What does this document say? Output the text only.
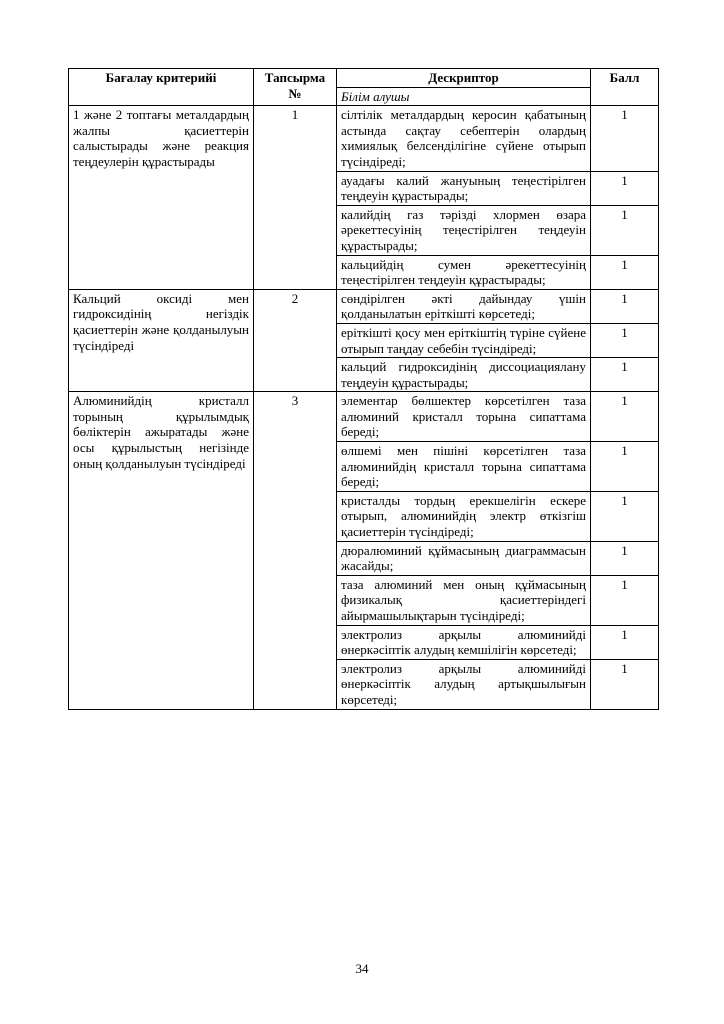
Бағалау критерийі	Тапсырма №	Дескриптор	Балл
		Білім алушы	
1 және 2 топтағы металдардың жалпы қасиеттерін салыстырады және реакция теңдеулерін құрастырады	1	сілтілік металдардың керосин қабатының астында сақтау себептерін олардың химиялық белсенділігіне сүйене отырып түсіндіреді;	1
		ауадағы калий жануының теңестірілген теңдеуін құрастырады;	1
		калийдің газ тәрізді хлормен өзара әрекеттесуінің теңестірілген теңдеуін құрастырады;	1
		кальцийдің сумен әрекеттесуінің теңестірілген теңдеуін құрастырады;	1
Кальций оксиді мен гидроксидінің негіздік қасиеттерін және қолданылуын түсіндіреді	2	сөндірілген әкті дайындау үшін қолданылатын еріткішті көрсетеді;	1
		еріткішті қосу мен еріткіштің түріне сүйене отырып таңдау себебін түсіндіреді;	1
		кальций гидроксидінің диссоциациялану теңдеуін құрастырады;	1
Алюминийдің кристалл торының құрылымдық бөліктерін ажыратады және осы құрылыстың негізінде оның қолданылуын түсіндіреді	3	элементар бөлшектер көрсетілген таза алюминий кристалл торына сипаттама береді;	1
		өлшемі мен пішіні көрсетілген таза алюминийдің кристалл торына сипаттама береді;	1
		кристалды тордың ерекшелігін ескере отырып, алюминийдің электр өткізгіш қасиеттерін түсіндіреді;	1
		дюралюминий құймасының диаграммасын жасайды;	1
		таза алюминий мен оның құймасының физикалық қасиеттеріндегі айырмашылықтарын түсіндіреді;	1
		электролиз арқылы алюминийді өнеркәсіптік алудың кемшілігін көрсетеді;	1
		электролиз арқылы алюминийді өнеркәсіптік алудың артықшылығын көрсетеді;	1
34
